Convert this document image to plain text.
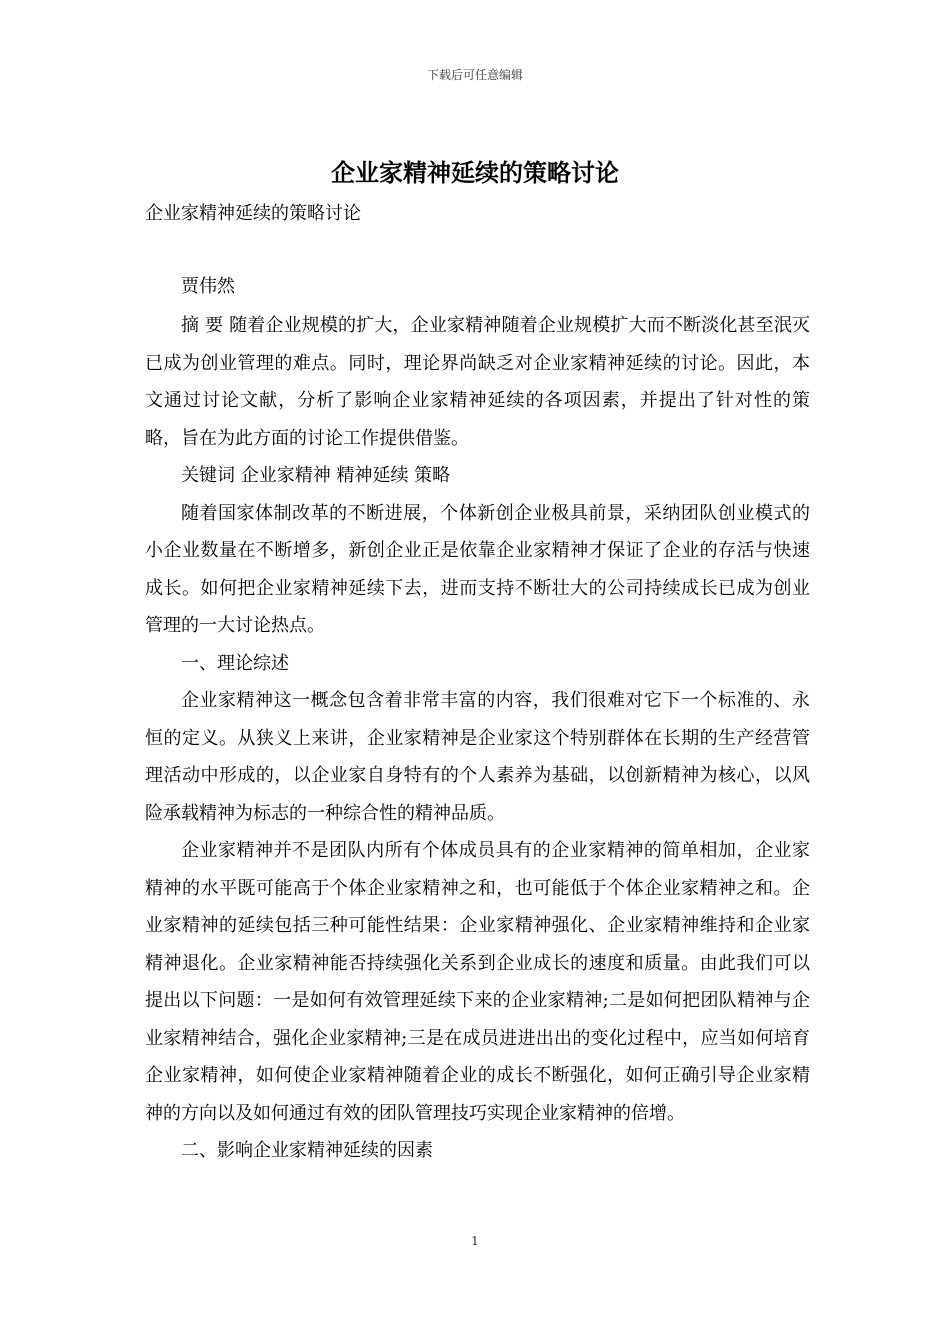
下载后可任意编辑
企业家精神延续的策略讨论
企业家精神延续的策略讨论

贾伟然

摘 要 随着企业规模的扩大，企业家精神随着企业规模扩大而不断淡化甚至泯灭已成为创业管理的难点。同时，理论界尚缺乏对企业家精神延续的讨论。因此，本文通过讨论文献，分析了影响企业家精神延续的各项因素，并提出了针对性的策略，旨在为此方面的讨论工作提供借鉴。

关键词 企业家精神 精神延续 策略

随着国家体制改革的不断进展，个体新创企业极具前景，采纳团队创业模式的小企业数量在不断增多，新创企业正是依靠企业家精神才保证了企业的存活与快速成长。如何把企业家精神延续下去，进而支持不断壮大的公司持续成长已成为创业管理的一大讨论热点。

一、理论综述

企业家精神这一概念包含着非常丰富的内容，我们很难对它下一个标准的、永恒的定义。从狭义上来讲，企业家精神是企业家这个特别群体在长期的生产经营管理活动中形成的，以企业家自身特有的个人素养为基础，以创新精神为核心，以风险承载精神为标志的一种综合性的精神品质。

企业家精神并不是团队内所有个体成员具有的企业家精神的简单相加，企业家精神的水平既可能高于个体企业家精神之和，也可能低于个体企业家精神之和。企业家精神的延续包括三种可能性结果：企业家精神强化、企业家精神维持和企业家精神退化。企业家精神能否持续强化关系到企业成长的速度和质量。由此我们可以提出以下问题：一是如何有效管理延续下来的企业家精神;二是如何把团队精神与企业家精神结合，强化企业家精神;三是在成员进进出出的变化过程中，应当如何培育企业家精神，如何使企业家精神随着企业的成长不断强化，如何正确引导企业家精神的方向以及如何通过有效的团队管理技巧实现企业家精神的倍增。

二、影响企业家精神延续的因素

1
